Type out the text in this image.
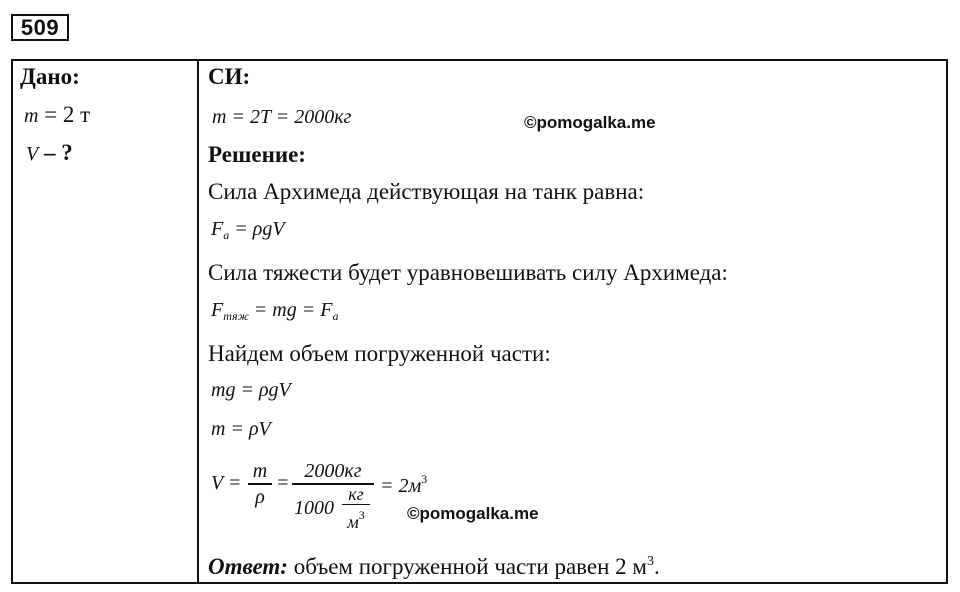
509
Дано:
m = 2 т
V – ?
СИ:
m = 2T = 2000кг	©pomogalka.me
Решение:
Сила Архимеда действующая на танк равна:
$F_a = \rho gV$
Сила тяжести будет уравновешивать силу Архимеда:
$F_{тяж}$ = mg = $F_a$
Найдем объем погруженной части:
mg = ρgV
m = ρV
V =
m
ρ
=
2000кг
1000
кг
$м^3$
= $2м^3$
©pomogalka.me
Ответ: объем погруженной части равен 2 $м^3$.
